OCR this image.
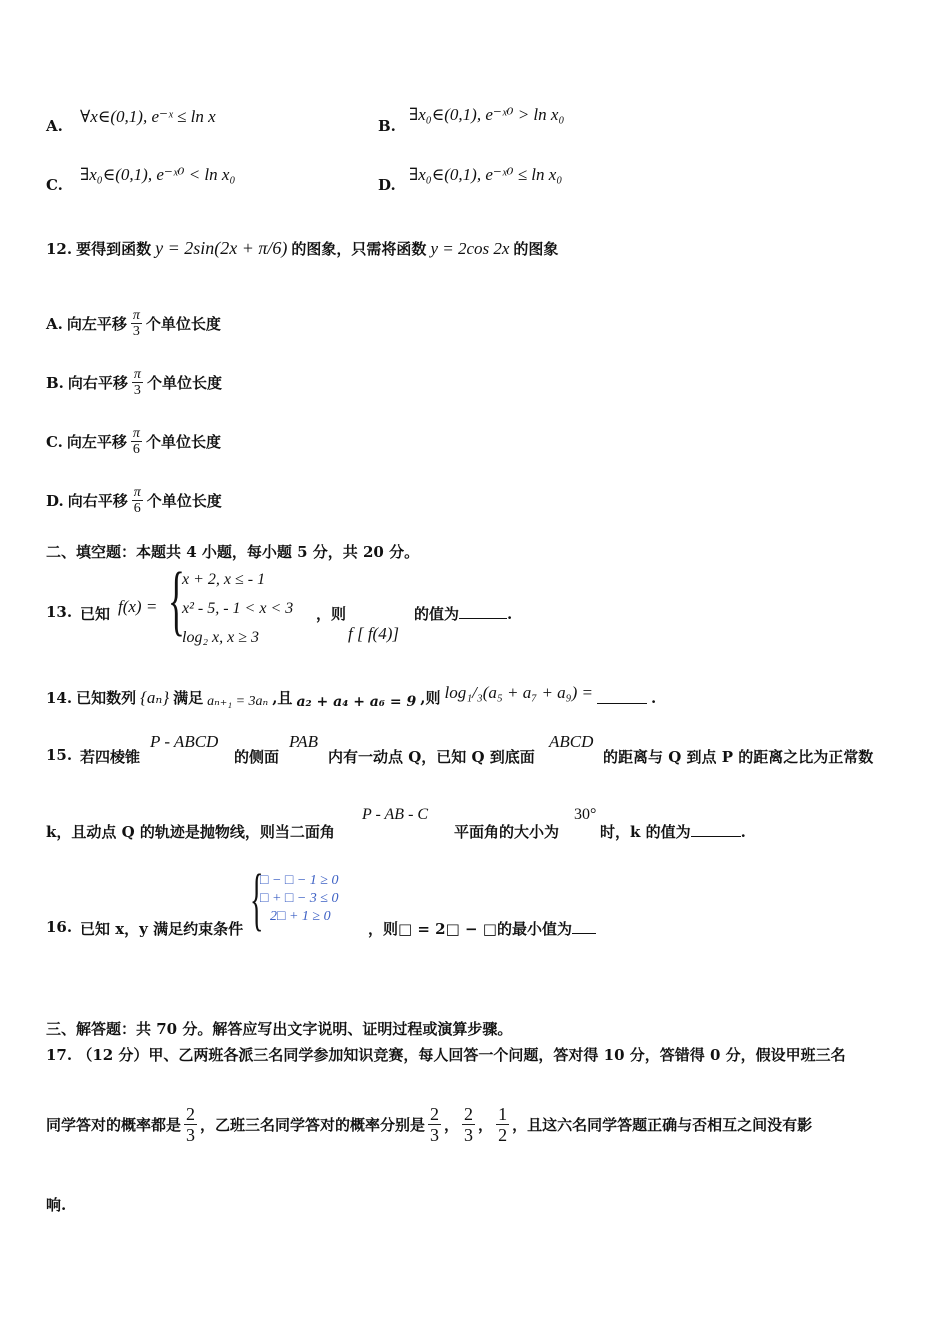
A. ∀x∈(0,1), e⁻ˣ ≤ ln x	B.
∃x₀∈(0,1), e⁻ˣ⁰ > ln x₀
C.
∃x₀∈(0,1), e⁻ˣ⁰ < ln x₀
D.
∃x₀∈(0,1), e⁻ˣ⁰ ≤ ln x₀
12. 要得到函数 y = 2sin(2x + π/6) 的图象，只需将函数 y = 2cos 2x 的图象
A. 向左平移 $\frac{\pi}{3}$ 个单位长度
B. 向右平移 $\frac{\pi}{3}$ 个单位长度
C. 向左平移 $\frac{\pi}{6}$ 个单位长度
D. 向右平移 $\frac{\pi}{6}$ 个单位长度
二、填空题：本题共 4 小题，每小题 5 分，共 20 分。
13. 已知 f(x) = {
x + 2, x ≤ - 1
x² - 5, - 1 < x < 3
log₂ x, x ≥ 3
，则
f [ f(4)]
的值为	.
14. 已知数列 {aₙ} 满足 aₙ₊₁ = 3aₙ ,且 a₂ + a₄ + a₆ = 9 ,则 log₁/₃(a₅ + a₇ + a₉) =	.
15. 若四棱锥
P - ABCD
的侧面
PAB
内有一动点 Q，已知 Q 到底面
ABCD
的距离与 Q 到点 P 的距离之比为正常数
k，且动点 Q 的轨迹是抛物线，则当二面角
P - AB - C
平面角的大小为
30°
时，k 的值为	.
16. 已知 x，y 满足约束条件 {
□ − □ − 1 ≥ 0
□ + □ − 3 ≤ 0
2□ + 1 ≥ 0
，则□ = 2□ − □的最小值为
三、解答题：共 70 分。解答应写出文字说明、证明过程或演算步骤。
17. （12 分）甲、乙两班各派三名同学参加知识竞赛，每人回答一个问题，答对得 10 分，答错得 0 分，假设甲班三名
同学答对的概率都是 $\frac{2}{3}$ ，乙班三名同学答对的概率分别是 $\frac{2}{3}$ ， $\frac{2}{3}$ ， $\frac{1}{2}$ ，且这六名同学答题正确与否相互之间没有影
响.
